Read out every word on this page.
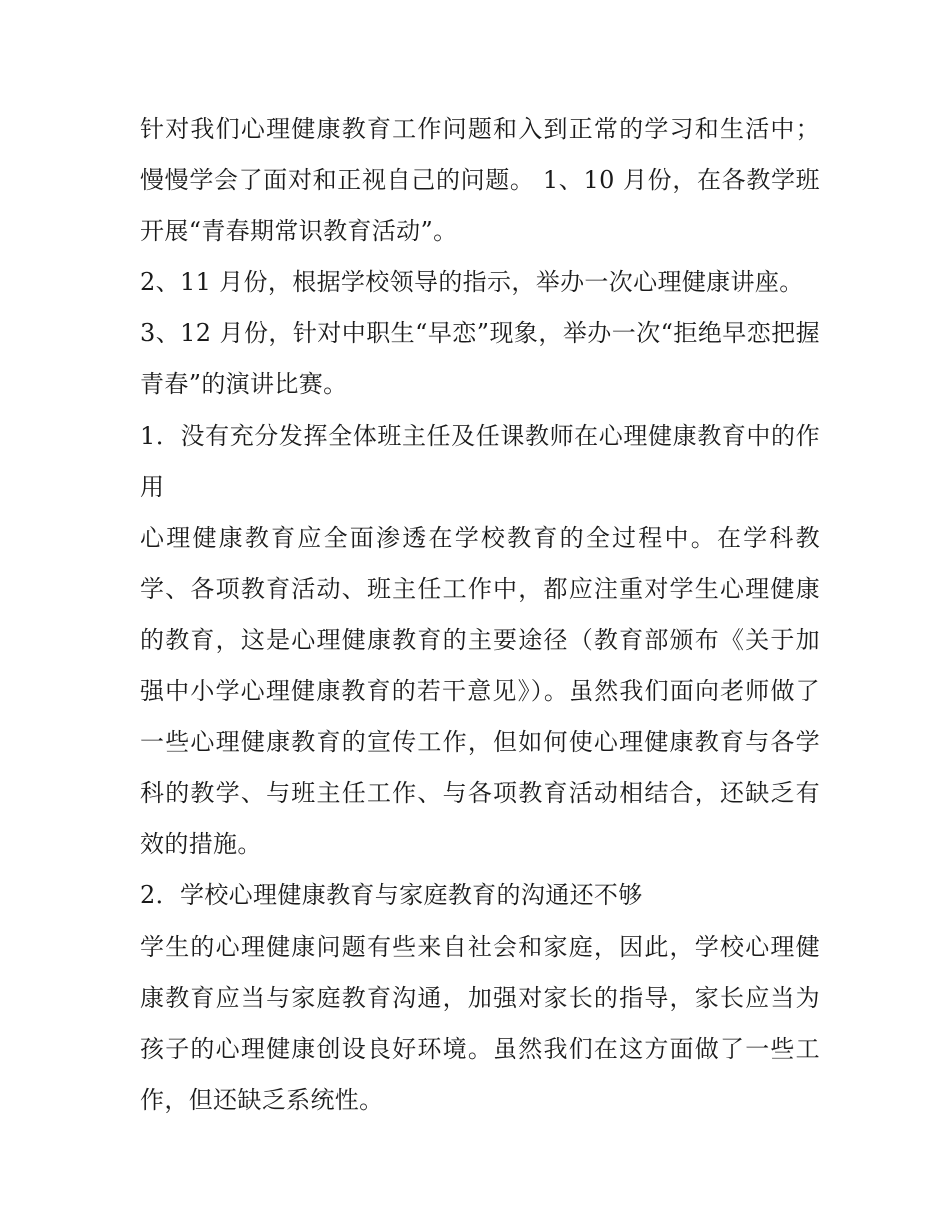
针对我们心理健康教育工作问题和入到正常的学习和生活中；慢慢学会了面对和正视自己的问题。 1、10 月份，在各教学班开展“青春期常识教育活动”。

2、11 月份，根据学校领导的指示，举办一次心理健康讲座。

3、12 月份，针对中职生“早恋”现象，举办一次“拒绝早恋把握青春”的演讲比赛。

1．没有充分发挥全体班主任及任课教师在心理健康教育中的作用

心理健康教育应全面渗透在学校教育的全过程中。在学科教学、各项教育活动、班主任工作中，都应注重对学生心理健康的教育，这是心理健康教育的主要途径（教育部颁布《关于加强中小学心理健康教育的若干意见》）。虽然我们面向老师做了一些心理健康教育的宣传工作，但如何使心理健康教育与各学科的教学、与班主任工作、与各项教育活动相结合，还缺乏有效的措施。

2．学校心理健康教育与家庭教育的沟通还不够

学生的心理健康问题有些来自社会和家庭，因此，学校心理健康教育应当与家庭教育沟通，加强对家长的指导，家长应当为孩子的心理健康创设良好环境。虽然我们在这方面做了一些工作，但还缺乏系统性。
